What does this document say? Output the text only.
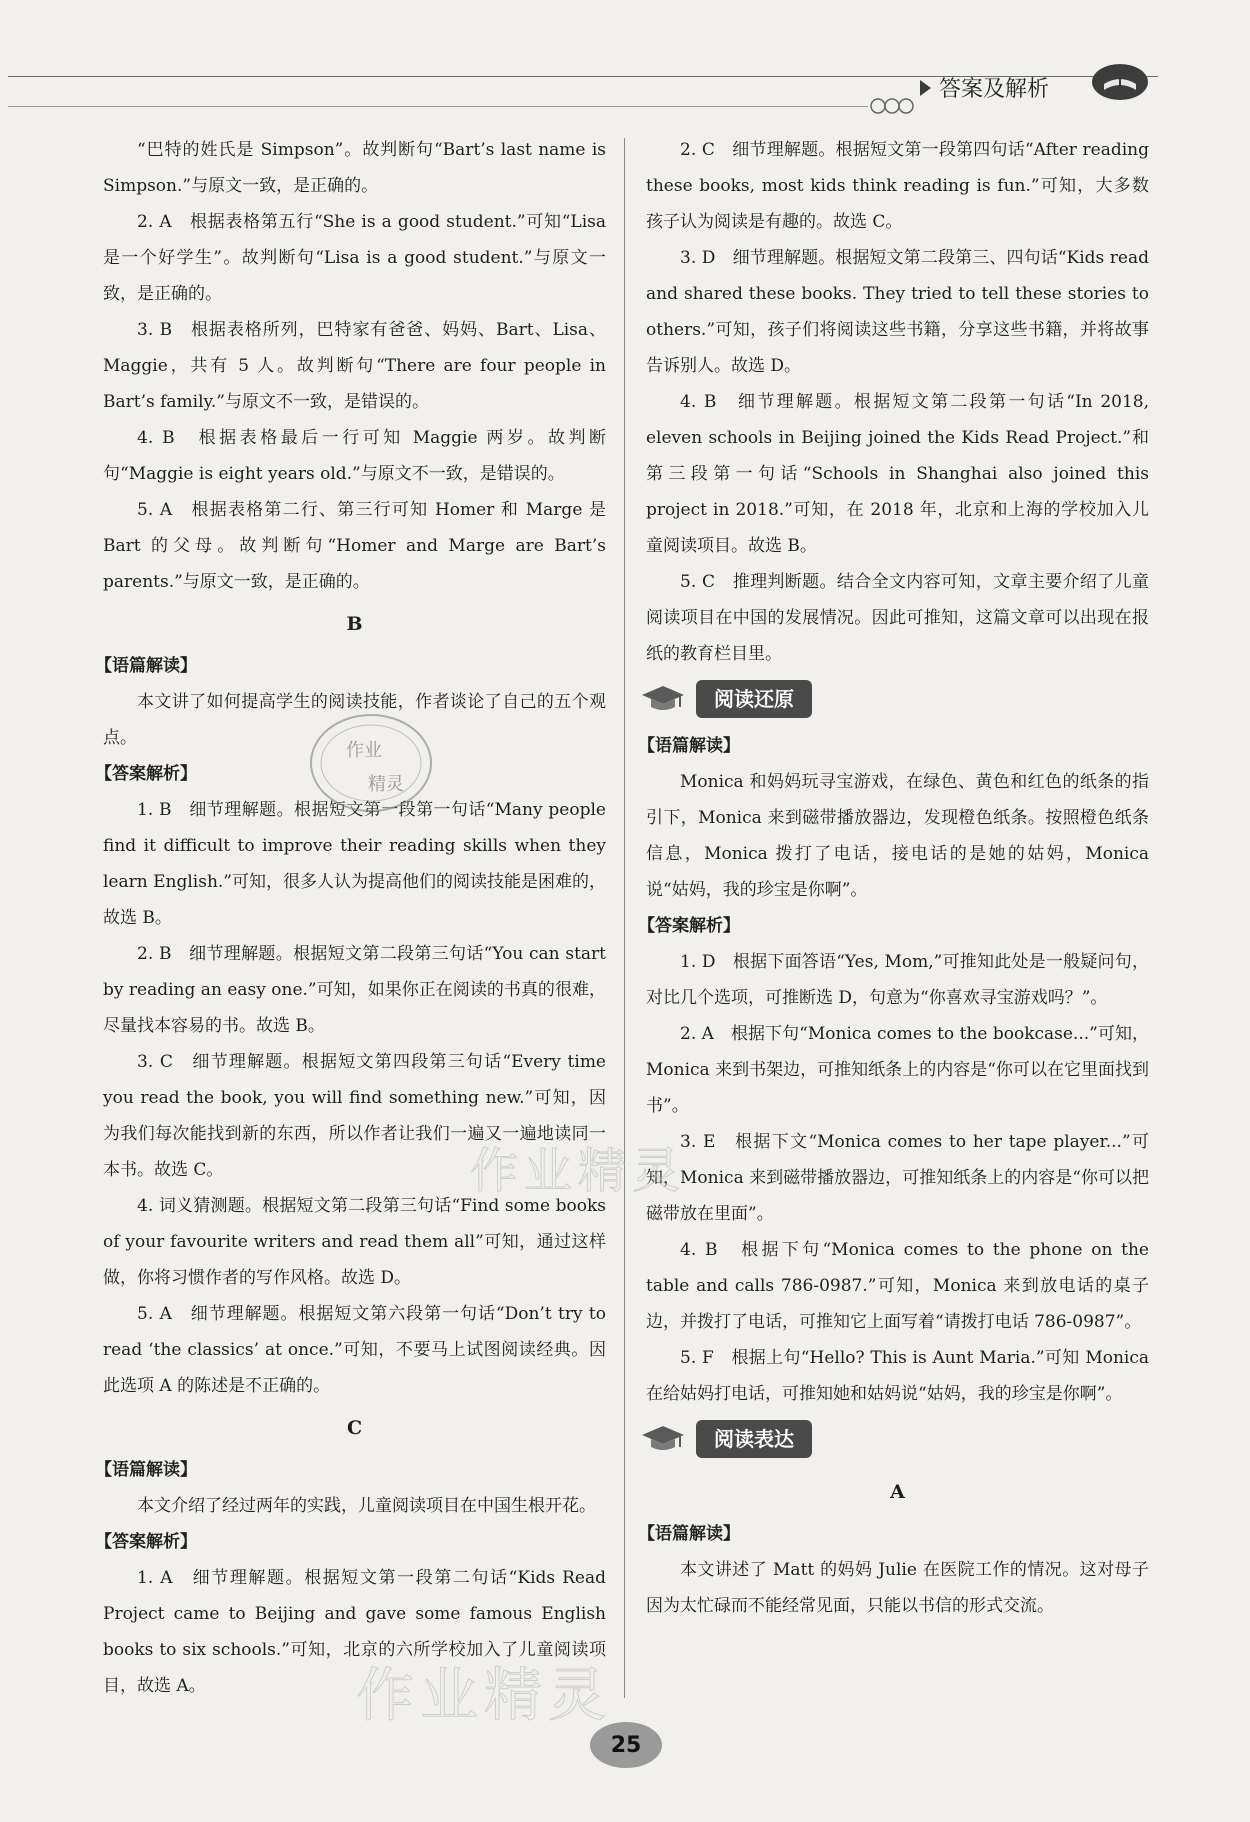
答案及解析

“巴特的姓氏是 Simpson”。故判断句“Bart’s last name is Simpson.”与原文一致，是正确的。

2. A　根据表格第五行“She is a good student.”可知“Lisa 是一个好学生”。故判断句“Lisa is a good student.”与原文一致，是正确的。

3. B　根据表格所列，巴特家有爸爸、妈妈、Bart、Lisa、Maggie，共有 5 人。故判断句“There are four people in Bart’s family.”与原文不一致，是错误的。

4. B　根据表格最后一行可知 Maggie 两岁。故判断句“Maggie is eight years old.”与原文不一致，是错误的。

5. A　根据表格第二行、第三行可知 Homer 和 Marge 是 Bart 的父母。故判断句“Homer and Marge are Bart’s parents.”与原文一致，是正确的。

B

【语篇解读】

本文讲了如何提高学生的阅读技能，作者谈论了自己的五个观点。

【答案解析】

1. B　细节理解题。根据短文第一段第一句话“Many people find it difficult to improve their reading skills when they learn English.”可知，很多人认为提高他们的阅读技能是困难的，故选 B。

2. B　细节理解题。根据短文第二段第三句话“You can start by reading an easy one.”可知，如果你正在阅读的书真的很难，尽量找本容易的书。故选 B。

3. C　细节理解题。根据短文第四段第三句话“Every time you read the book, you will find something new.”可知，因为我们每次能找到新的东西，所以作者让我们一遍又一遍地读同一本书。故选 C。

4. 词义猜测题。根据短文第二段第三句话“Find some books of your favourite writers and read them all”可知，通过这样做，你将习惯作者的写作风格。故选 D。

5. A　细节理解题。根据短文第六段第一句话“Don’t try to read ‘the classics’ at once.”可知，不要马上试图阅读经典。因此选项 A 的陈述是不正确的。

C

【语篇解读】

本文介绍了经过两年的实践，儿童阅读项目在中国生根开花。

【答案解析】

1. A　细节理解题。根据短文第一段第二句话“Kids Read Project came to Beijing and gave some famous English books to six schools.”可知，北京的六所学校加入了儿童阅读项目，故选 A。

2. C　细节理解题。根据短文第一段第四句话“After reading these books, most kids think reading is fun.”可知，大多数孩子认为阅读是有趣的。故选 C。

3. D　细节理解题。根据短文第二段第三、四句话“Kids read and shared these books. They tried to tell these stories to others.”可知，孩子们将阅读这些书籍，分享这些书籍，并将故事告诉别人。故选 D。

4. B　细节理解题。根据短文第二段第一句话“In 2018, eleven schools in Beijing joined the Kids Read Project.”和第三段第一句话“Schools in Shanghai also joined this project in 2018.”可知，在 2018 年，北京和上海的学校加入儿童阅读项目。故选 B。

5. C　推理判断题。结合全文内容可知，文章主要介绍了儿童阅读项目在中国的发展情况。因此可推知，这篇文章可以出现在报纸的教育栏目里。

阅读还原

【语篇解读】

Monica 和妈妈玩寻宝游戏，在绿色、黄色和红色的纸条的指引下，Monica 来到磁带播放器边，发现橙色纸条。按照橙色纸条信息，Monica 拨打了电话，接电话的是她的姑妈，Monica 说“姑妈，我的珍宝是你啊”。

【答案解析】

1. D　根据下面答语“Yes, Mom,”可推知此处是一般疑问句，对比几个选项，可推断选 D，句意为“你喜欢寻宝游戏吗？”。

2. A　根据下句“Monica comes to the bookcase...”可知，Monica 来到书架边，可推知纸条上的内容是“你可以在它里面找到书”。

3. E　根据下文“Monica comes to her tape player...”可知，Monica 来到磁带播放器边，可推知纸条上的内容是“你可以把磁带放在里面”。

4. B　根据下句“Monica comes to the phone on the table and calls 786-0987.”可知，Monica 来到放电话的桌子边，并拨打了电话，可推知它上面写着“请拨打电话 786-0987”。

5. F　根据上句“Hello? This is Aunt Maria.”可知 Monica 在给姑妈打电话，可推知她和姑妈说“姑妈，我的珍宝是你啊”。

阅读表达

A

【语篇解读】

本文讲述了 Matt 的妈妈 Julie 在医院工作的情况。这对母子因为太忙碌而不能经常见面，只能以书信的形式交流。

作业
精灵
作业精灵
作业精灵
25
